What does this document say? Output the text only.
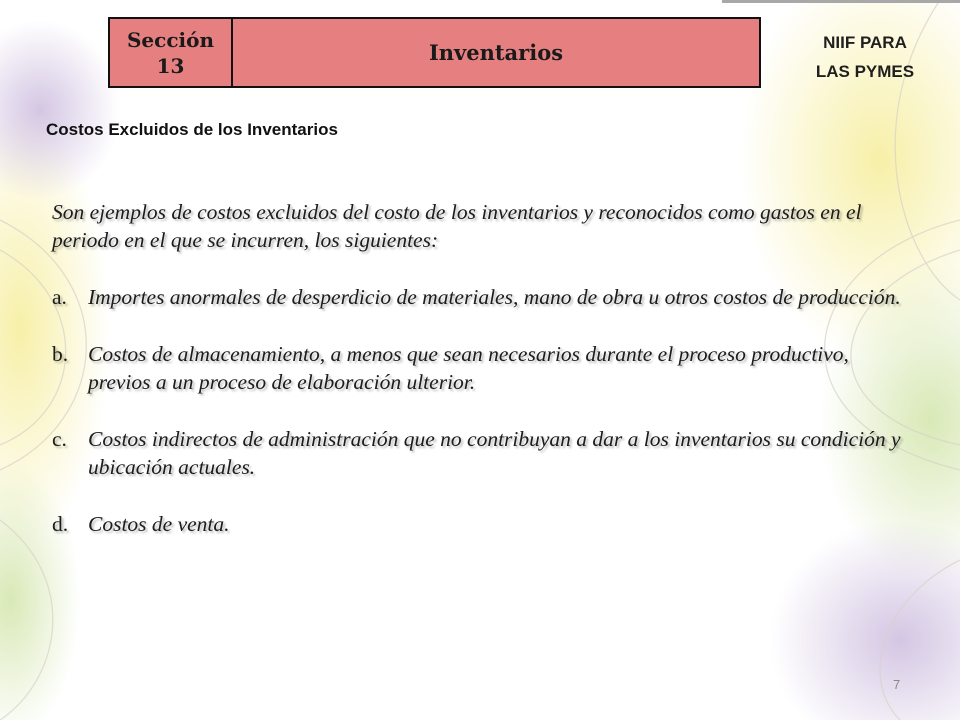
Sección 13
Inventarios	NIIF PARA
LAS PYMES
Costos Excluidos de los Inventarios

Son ejemplos de costos excluidos del costo de los inventarios y reconocidos como gastos en el periodo en el que se incurren, los siguientes:

a. Importes anormales de desperdicio de materiales, mano de obra u otros costos de producción.
b. Costos de almacenamiento, a menos que sean necesarios durante el proceso productivo, previos a un proceso de elaboración ulterior.
c. Costos indirectos de administración que no contribuyan a dar a los inventarios su condición y ubicación actuales.
d. Costos de venta.
7
